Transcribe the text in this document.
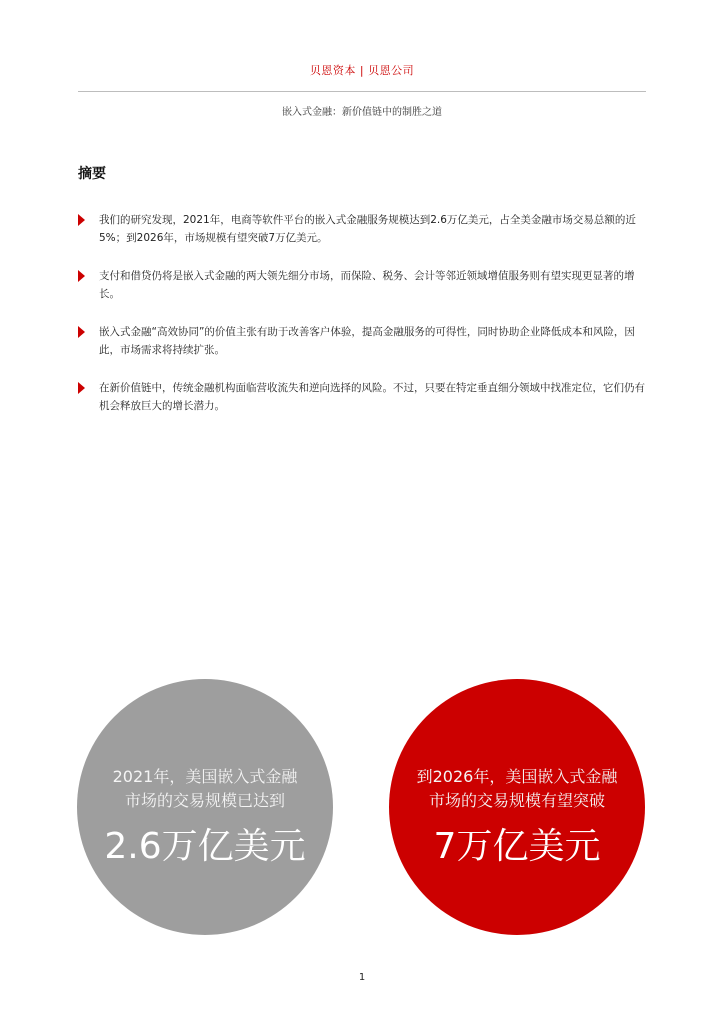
贝恩资本 | 贝恩公司
嵌入式金融：新价值链中的制胜之道
摘要
我们的研究发现，2021年，电商等软件平台的嵌入式金融服务规模达到2.6万亿美元，占全美金融市场交易总额的近5%；到2026年，市场规模有望突破7万亿美元。
支付和借贷仍将是嵌入式金融的两大领先细分市场，而保险、税务、会计等邻近领域增值服务则有望实现更显著的增长。
嵌入式金融“高效协同”的价值主张有助于改善客户体验，提高金融服务的可得性，同时协助企业降低成本和风险，因此，市场需求将持续扩张。
在新价值链中，传统金融机构面临营收流失和逆向选择的风险。不过，只要在特定垂直细分领域中找准定位，它们仍有机会释放巨大的增长潜力。
2021年，美国嵌入式金融
市场的交易规模已达到
2.6万亿美元
到2026年，美国嵌入式金融
市场的交易规模有望突破
7万亿美元
1
